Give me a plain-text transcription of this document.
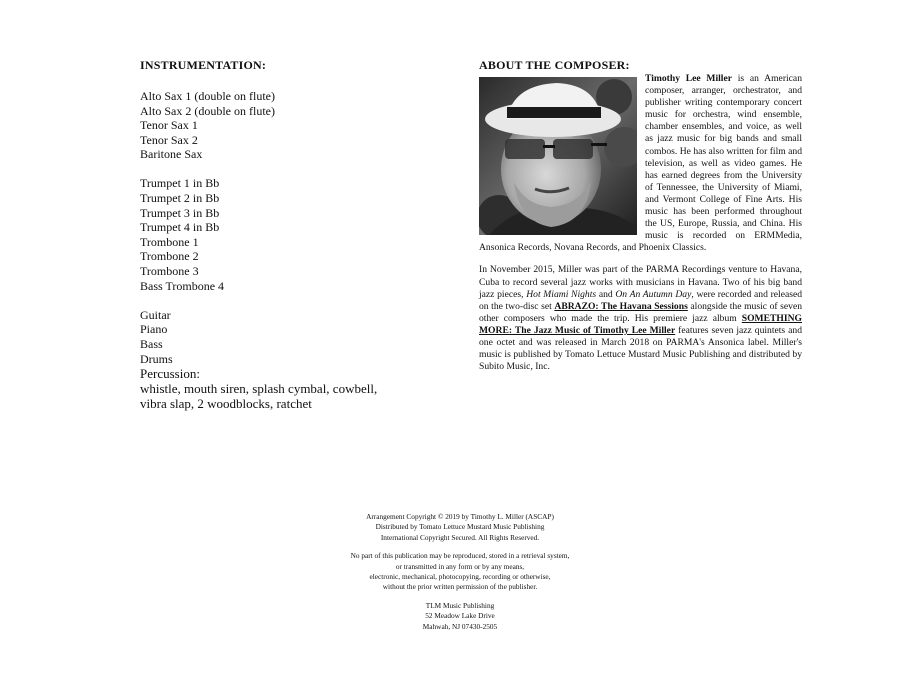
INSTRUMENTATION:
Alto Sax 1 (double on flute)
Alto Sax 2 (double on flute)
Tenor Sax 1
Tenor Sax 2
Baritone Sax
Trumpet 1 in Bb
Trumpet 2 in Bb
Trumpet 3 in Bb
Trumpet 4 in Bb
Trombone 1
Trombone 2
Trombone 3
Bass Trombone 4
Guitar
Piano
Bass
Drums
Percussion:
whistle, mouth siren, splash cymbal, cowbell,
vibra slap, 2 woodblocks, ratchet
ABOUT THE COMPOSER:

Timothy Lee Miller is an American composer, arranger, orchestrator, and publisher writing contemporary concert music for orchestra, wind ensemble, chamber ensembles, and voice, as well as jazz music for big bands and small combos. He has also written for film and television, as well as video games. He has earned degrees from the University of Tennessee, the University of Miami, and Vermont College of Fine Arts. His music has been performed throughout the US, Europe, Russia, and China. His music is recorded on ERMMedia, Ansonica Records, Novana Records, and Phoenix Classics.

In November 2015, Miller was part of the PARMA Recordings venture to Havana, Cuba to record several jazz works with musicians in Havana. Two of his big band jazz pieces, Hot Miami Nights and On An Autumn Day, were recorded and released on the two-disc set ABRAZO: The Havana Sessions alongside the music of seven other composers who made the trip. His premiere jazz album SOMETHING MORE: The Jazz Music of Timothy Lee Miller features seven jazz quintets and one octet and was released in March 2018 on PARMA's Ansonica label. Miller's music is published by Tomato Lettuce Mustard Music Publishing and distributed by Subito Music, Inc.

Arrangement Copyright © 2019 by Timothy L. Miller (ASCAP)
Distributed by Tomato Lettuce Mustard Music Publishing
International Copyright Secured. All Rights Reserved.

No part of this publication may be reproduced, stored in a retrieval system,
or transmitted in any form or by any means,
electronic, mechanical, photocopying, recording or otherwise,
without the prior written permission of the publisher.

TLM Music Publishing
52 Meadow Lake Drive
Mahwah, NJ 07430-2505
